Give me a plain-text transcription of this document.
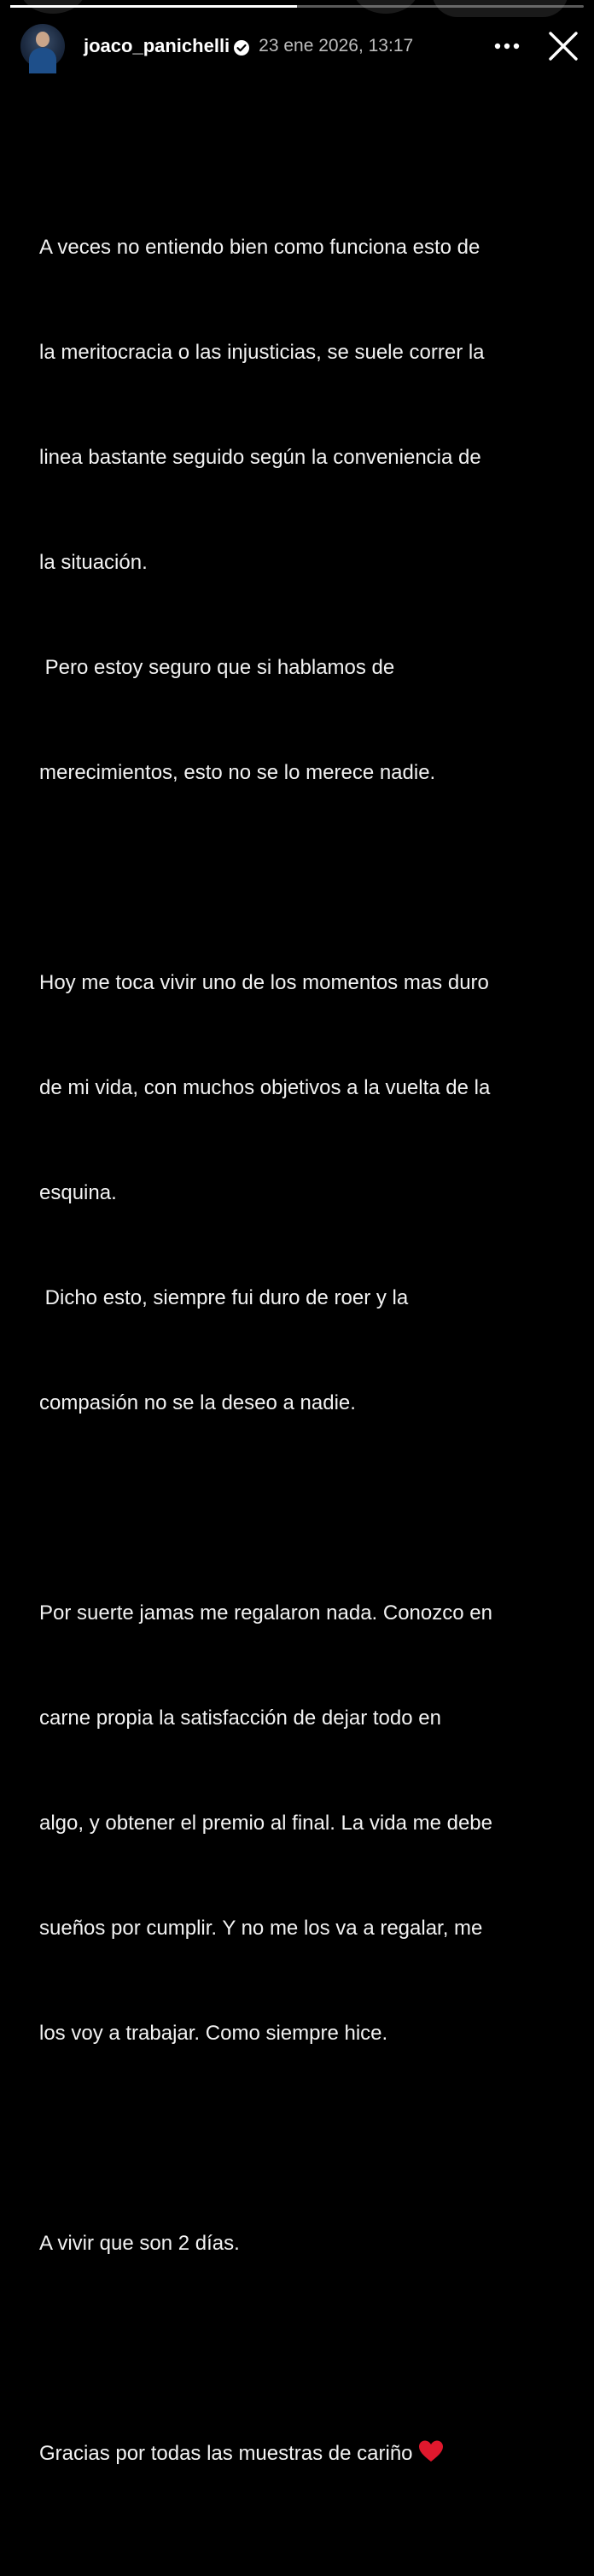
joaco_panichelli 23 ene 2026, 13:17

A veces no entiendo bien como funciona esto de

la meritocracia o las injusticias, se suele correr la

linea bastante seguido según la conveniencia de

la situación.

Pero estoy seguro que si hablamos de

merecimientos, esto no se lo merece nadie.

Hoy me toca vivir uno de los momentos mas duro

de mi vida, con muchos objetivos a la vuelta de la

esquina.

Dicho esto, siempre fui duro de roer y la

compasión no se la deseo a nadie.

Por suerte jamas me regalaron nada. Conozco en

carne propia la satisfacción de dejar todo en

algo, y obtener el premio al final. La vida me debe

sueños por cumplir. Y no me los va a regalar, me

los voy a trabajar. Como siempre hice.

A vivir que son 2 días.

Gracias por todas las muestras de cariño
